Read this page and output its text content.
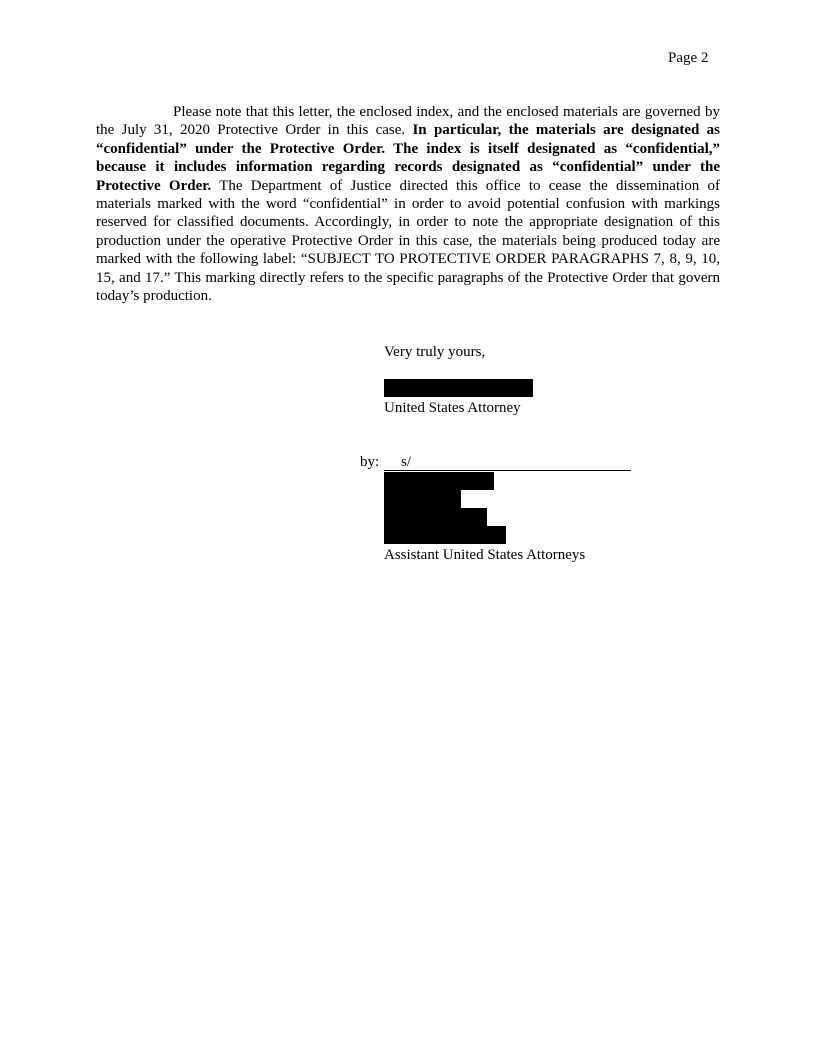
Page 2

Please note that this letter, the enclosed index, and the enclosed materials are governed by the July 31, 2020 Protective Order in this case. In particular, the materials are designated as “confidential” under the Protective Order. The index is itself designated as “confidential,” because it includes information regarding records designated as “confidential” under the Protective Order. The Department of Justice directed this office to cease the dissemination of materials marked with the word “confidential” in order to avoid potential confusion with markings reserved for classified documents. Accordingly, in order to note the appropriate designation of this production under the operative Protective Order in this case, the materials being produced today are marked with the following label: “SUBJECT TO PROTECTIVE ORDER PARAGRAPHS 7, 8, 9, 10, 15, and 17.” This marking directly refers to the specific paragraphs of the Protective Order that govern today’s production.

Very truly yours,
United States Attorney
by:	s/
Assistant United States Attorneys
